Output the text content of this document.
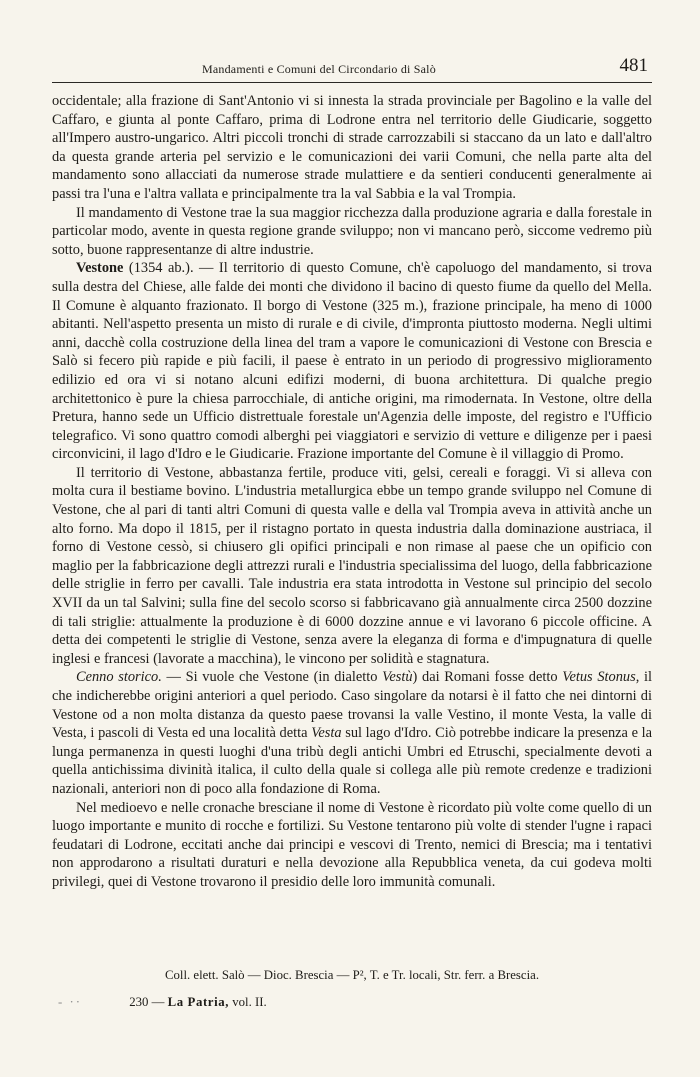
Mandamenti e Comuni del Circondario di Salò	481

occidentale; alla frazione di Sant'Antonio vi si innesta la strada provinciale per Bagolino e la valle del Caffaro, e giunta al ponte Caffaro, prima di Lodrone entra nel territorio delle Giudicarie, soggetto all'Impero austro-ungarico. Altri piccoli tronchi di strade carrozzabili si staccano da un lato e dall'altro da questa grande arteria pel servizio e le comunicazioni dei varii Comuni, che nella parte alta del mandamento sono allacciati da numerose strade mulattiere e da sentieri conducenti generalmente ai passi tra l'una e l'altra vallata e principalmente tra la val Sabbia e la val Trompia.

Il mandamento di Vestone trae la sua maggior ricchezza dalla produzione agraria e dalla forestale in particolar modo, avente in questa regione grande sviluppo; non vi mancano però, siccome vedremo più sotto, buone rappresentanze di altre industrie.

Vestone (1354 ab.). — Il territorio di questo Comune, ch'è capoluogo del mandamento, si trova sulla destra del Chiese, alle falde dei monti che dividono il bacino di questo fiume da quello del Mella. Il Comune è alquanto frazionato. Il borgo di Vestone (325 m.), frazione principale, ha meno di 1000 abitanti. Nell'aspetto presenta un misto di rurale e di civile, d'impronta piuttosto moderna. Negli ultimi anni, dacchè colla costruzione della linea del tram a vapore le comunicazioni di Vestone con Brescia e Salò si fecero più rapide e più facili, il paese è entrato in un periodo di progressivo miglioramento edilizio ed ora vi si notano alcuni edifizi moderni, di buona architettura. Di qualche pregio architettonico è pure la chiesa parrocchiale, di antiche origini, ma rimodernata. In Vestone, oltre della Pretura, hanno sede un Ufficio distrettuale forestale un'Agenzia delle imposte, del registro e l'Ufficio telegrafico. Vi sono quattro comodi alberghi pei viaggiatori e servizio di vetture e diligenze per i paesi circonvicini, il lago d'Idro e le Giudicarie. Frazione importante del Comune è il villaggio di Promo.

Il territorio di Vestone, abbastanza fertile, produce viti, gelsi, cereali e foraggi. Vi si alleva con molta cura il bestiame bovino. L'industria metallurgica ebbe un tempo grande sviluppo nel Comune di Vestone, che al pari di tanti altri Comuni di questa valle e della val Trompia aveva in attività anche un alto forno. Ma dopo il 1815, per il ristagno portato in questa industria dalla dominazione austriaca, il forno di Vestone cessò, si chiusero gli opifici principali e non rimase al paese che un opificio con maglio per la fabbricazione degli attrezzi rurali e l'industria specialissima del luogo, della fabbricazione delle striglie in ferro per cavalli. Tale industria era stata introdotta in Vestone sul principio del secolo XVII da un tal Salvini; sulla fine del secolo scorso si fabbricavano già annualmente circa 2500 dozzine di tali striglie: attualmente la produzione è di 6000 dozzine annue e vi lavorano 6 piccole officine. A detta dei competenti le striglie di Vestone, senza avere la eleganza di forma e d'impugnatura di quelle inglesi e francesi (lavorate a macchina), le vincono per solidità e stagnatura.

Cenno storico. — Si vuole che Vestone (in dialetto Vestù) dai Romani fosse detto Vetus Stonus, il che indicherebbe origini anteriori a quel periodo. Caso singolare da notarsi è il fatto che nei dintorni di Vestone od a non molta distanza da questo paese trovansi la valle Vestino, il monte Vesta, la valle di Vesta, i pascoli di Vesta ed una località detta Vesta sul lago d'Idro. Ciò potrebbe indicare la presenza e la lunga permanenza in questi luoghi d'una tribù degli antichi Umbri ed Etruschi, specialmente devoti a quella antichissima divinità italica, il culto della quale si collega alle più remote credenze e tradizioni nazionali, anteriori non di poco alla fondazione di Roma.

Nel medioevo e nelle cronache bresciane il nome di Vestone è ricordato più volte come quello di un luogo importante e munito di rocche e fortilizi. Su Vestone tentarono più volte di stender l'ugne i rapaci feudatari di Lodrone, eccitati anche dai principi e vescovi di Trento, nemici di Brescia; ma i tentativi non approdarono a risultati duraturi e nella devozione alla Repubblica veneta, da cui godeva molti privilegi, quei di Vestone trovarono il presidio delle loro immunità comunali.

Coll. elett. Salò — Dioc. Brescia — P², T. e Tr. locali, Str. ferr. a Brescia.
- ··	230 — La Patria, vol. II.
